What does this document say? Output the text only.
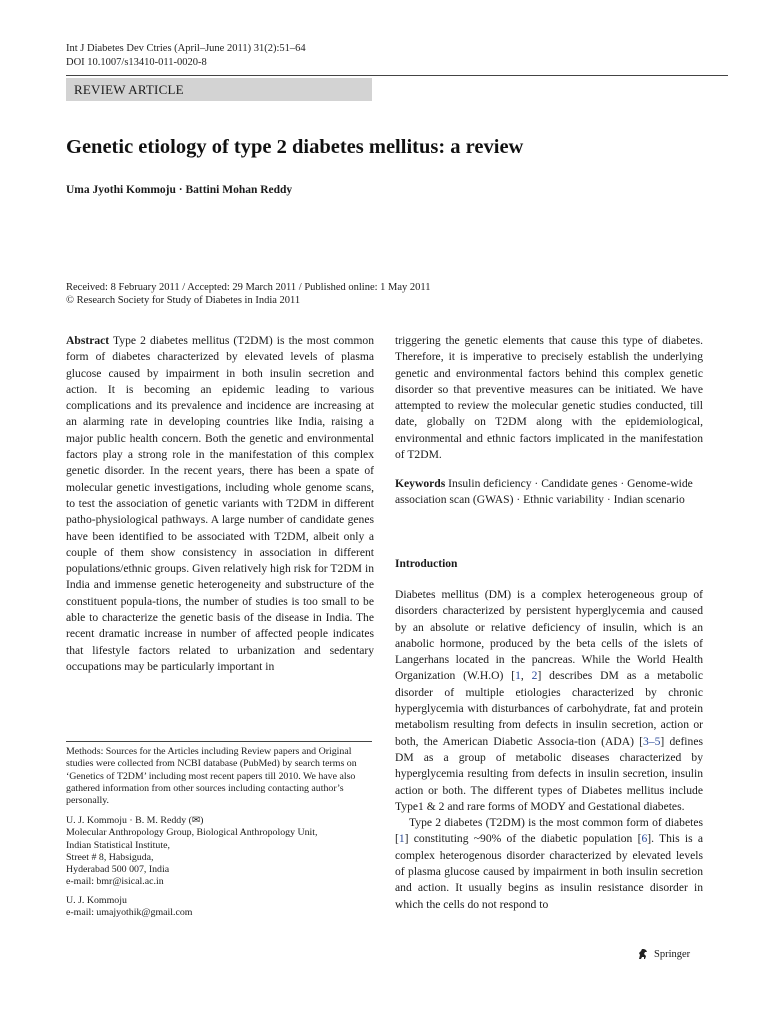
Int J Diabetes Dev Ctries (April–June 2011) 31(2):51–64
DOI 10.1007/s13410-011-0020-8
REVIEW ARTICLE
Genetic etiology of type 2 diabetes mellitus: a review
Uma Jyothi Kommoju · Battini Mohan Reddy
Received: 8 February 2011 / Accepted: 29 March 2011 / Published online: 1 May 2011
© Research Society for Study of Diabetes in India 2011

Abstract Type 2 diabetes mellitus (T2DM) is the most common form of diabetes characterized by elevated levels of plasma glucose caused by impairment in both insulin secretion and action. It is becoming an epidemic leading to various complications and its prevalence and incidence are increasing at an alarming rate in developing countries like India, raising a major public health concern. Both the genetic and environmental factors play a strong role in the manifestation of this complex genetic disorder. In the recent years, there has been a spate of molecular genetic investigations, including whole genome scans, to test the association of genetic variants with T2DM in different patho-physiological pathways. A large number of candidate genes have been identified to be associated with T2DM, albeit only a couple of them show consistency in association in different populations/ethnic groups. Given relatively high risk for T2DM in India and immense genetic heterogeneity and substructure of the constituent popula-tions, the number of studies is too small to be able to characterize the genetic basis of the disease in India. The recent dramatic increase in number of affected people indicates that lifestyle factors related to urbanization and sedentary occupations may be particularly important in

Methods: Sources for the Articles including Review papers and Original studies were collected from NCBI database (PubMed) by search terms on ‘Genetics of T2DM’ including most recent papers till 2010. We have also gathered information from other sources including contacting author’s personally.
U. J. Kommoju · B. M. Reddy (✉)
Molecular Anthropology Group, Biological Anthropology Unit,
Indian Statistical Institute,
Street # 8, Habsiguda,
Hyderabad 500 007, India
e-mail: bmr@isical.ac.in
U. J. Kommoju
e-mail: umajyothik@gmail.com
triggering the genetic elements that cause this type of diabetes. Therefore, it is imperative to precisely establish the underlying genetic and environmental factors behind this complex genetic disorder so that preventive measures can be initiated. We have attempted to review the molecular genetic studies conducted, till date, globally on T2DM along with the epidemiological, environmental and ethnic factors implicated in the manifestation of T2DM.
Keywords Insulin deficiency · Candidate genes · Genome-wide association scan (GWAS) · Ethnic variability · Indian scenario
Introduction

Diabetes mellitus (DM) is a complex heterogeneous group of disorders characterized by persistent hyperglycemia and caused by an absolute or relative deficiency of insulin, which is an anabolic hormone, produced by the beta cells of the islets of Langerhans located in the pancreas. While the World Health Organization (W.H.O) [1, 2] describes DM as a metabolic disorder of multiple etiologies characterized by chronic hyperglycemia with disturbances of carbohydrate, fat and protein metabolism resulting from defects in insulin secretion, action or both, the American Diabetic Associa-tion (ADA) [3–5] defines DM as a group of metabolic diseases characterized by hyperglycemia resulting from defects in insulin secretion, insulin action or both. The different types of Diabetes mellitus include Type1 & 2 and rare forms of MODY and Gestational diabetes.

Type 2 diabetes (T2DM) is the most common form of diabetes [1] constituting ~90% of the diabetic population [6]. This is a complex heterogenous disorder characterized by elevated levels of plasma glucose caused by impairment in both insulin secretion and action. It usually begins as insulin resistance disorder in which the cells do not respond to

Springer
